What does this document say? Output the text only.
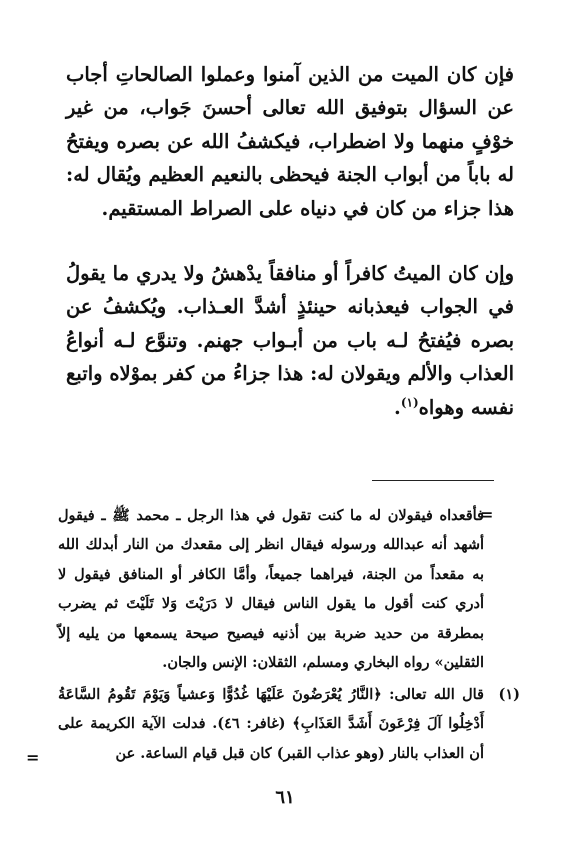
فإن كان الميت من الذين آمنوا وعملوا الصالحاتِ أجاب عن السؤال بتوفيق الله تعالى أحسنَ جَواب، من غير خوْفٍ منهما ولا اضطراب، فيكشفُ الله عن بصره ويفتحُ له باباً من أبواب الجنة فيحظى بالنعيم العظيم ويُقال له: هذا جزاء من كان في دنياه على الصراط المستقيم.

وإن كان الميتُ كافراً أو منافقاً يدْهشُ ولا يدري ما يقولُ في الجواب فيعذبانه حينئذٍ أشدَّ العـذاب. ويُكشفُ عن بصره فيُفتحُ لـه باب من أبـواب جهنم. وتنوَّع لـه أنواعُ العذاب والألم ويقولان له: هذا جزاءُ من كفر بموْلاه واتبع نفسه وهواه$^{(١)}$.

=

فأقعداه فيقولان له ما كنت تقول في هذا الرجل ـ محمد ﷺ ـ فيقول أشهد أنه عبدالله ورسوله فيقال انظر إلى مقعدك من النار أبدلك الله به مقعداً من الجنة، فيراهما جميعاً، وأمَّا الكافر أو المنافق فيقول لا أدري كنت أقول ما يقول الناس فيقال لا دَرَيْتَ وَلا تَلَيْتَ ثم يضرب بمطرقة من حديد ضربة بين أذنيه فيصيح صيحة يسمعها من يليه إلاّ الثقلين» رواه البخاري ومسلم، الثقلان: الإنس والجان.

(١)

قال الله تعالى: ﴿النَّارُ يُعْرَضُونَ عَلَيْهَا غُدُوًّا وَعشياً وَيَوْمَ تَقُومُ السَّاعَةُ أَدْخِلُوا آلَ فِرْعَونَ أَشَدَّ العَذَابِ﴾ (غافر: ٤٦). فدلت الآية الكريمة على أن العذاب بالنار (وهو عذاب القبر) كان قبل قيام الساعة. عن

=
٦١
